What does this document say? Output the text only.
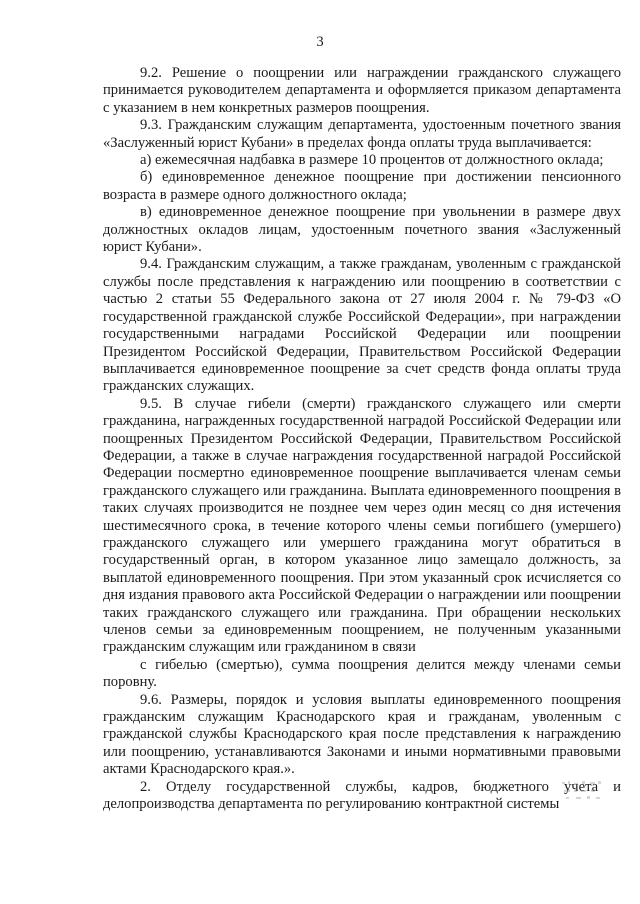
3

9.2. Решение о поощрении или награждении гражданского служащего принимается руководителем департамента и оформляется приказом департамента с указанием в нем конкретных размеров поощрения.

9.3. Гражданским служащим департамента, удостоенным почетного звания «Заслуженный юрист Кубани» в пределах фонда оплаты труда выплачивается:

а) ежемесячная надбавка в размере 10 процентов от должностного оклада;

б) единовременное денежное поощрение при достижении пенсионного возраста в размере одного должностного оклада;

в) единовременное денежное поощрение при увольнении в размере двух должностных окладов лицам, удостоенным почетного звания «Заслуженный юрист Кубани».

9.4. Гражданским служащим, а также гражданам, уволенным с гражданской службы после представления к награждению или поощрению в соответствии с частью 2 статьи 55 Федерального закона от 27 июля 2004 г. № 79-ФЗ «О государственной гражданской службе Российской Федерации», при награждении государственными наградами Российской Федерации или поощрении Президентом Российской Федерации, Правительством Российской Федерации выплачивается единовременное поощрение за счет средств фонда оплаты труда гражданских служащих.

9.5. В случае гибели (смерти) гражданского служащего или смерти гражданина, награжденных государственной наградой Российской Федерации или поощренных Президентом Российской Федерации, Правительством Российской Федерации, а также в случае награждения государственной наградой Российской Федерации посмертно единовременное поощрение выплачивается членам семьи гражданского служащего или гражданина. Выплата единовременного поощрения в таких случаях производится не позднее чем через один месяц со дня истечения шестимесячного срока, в течение которого члены семьи погибшего (умершего) гражданского служащего или умершего гражданина могут обратиться в государственный орган, в котором указанное лицо замещало должность, за выплатой единовременного поощрения. При этом указанный срок исчисляется со дня издания правового акта Российской Федерации о награждении или поощрении таких гражданского служащего или гражданина. При обращении нескольких членов семьи за единовременным поощрением, не полученным указанными гражданским служащим или гражданином в связи

с гибелью (смертью), сумма поощрения делится между членами семьи поровну.

9.6. Размеры, порядок и условия выплаты единовременного поощрения гражданским служащим Краснодарского края и гражданам, уволенным с гражданской службы Краснодарского края после представления к награждению или поощрению, устанавливаются Законами и иными нормативными правовыми актами Краснодарского края.».

2. Отделу государственной службы, кадров, бюджетного учета и делопроизводства департамента по регулированию контрактной системы
